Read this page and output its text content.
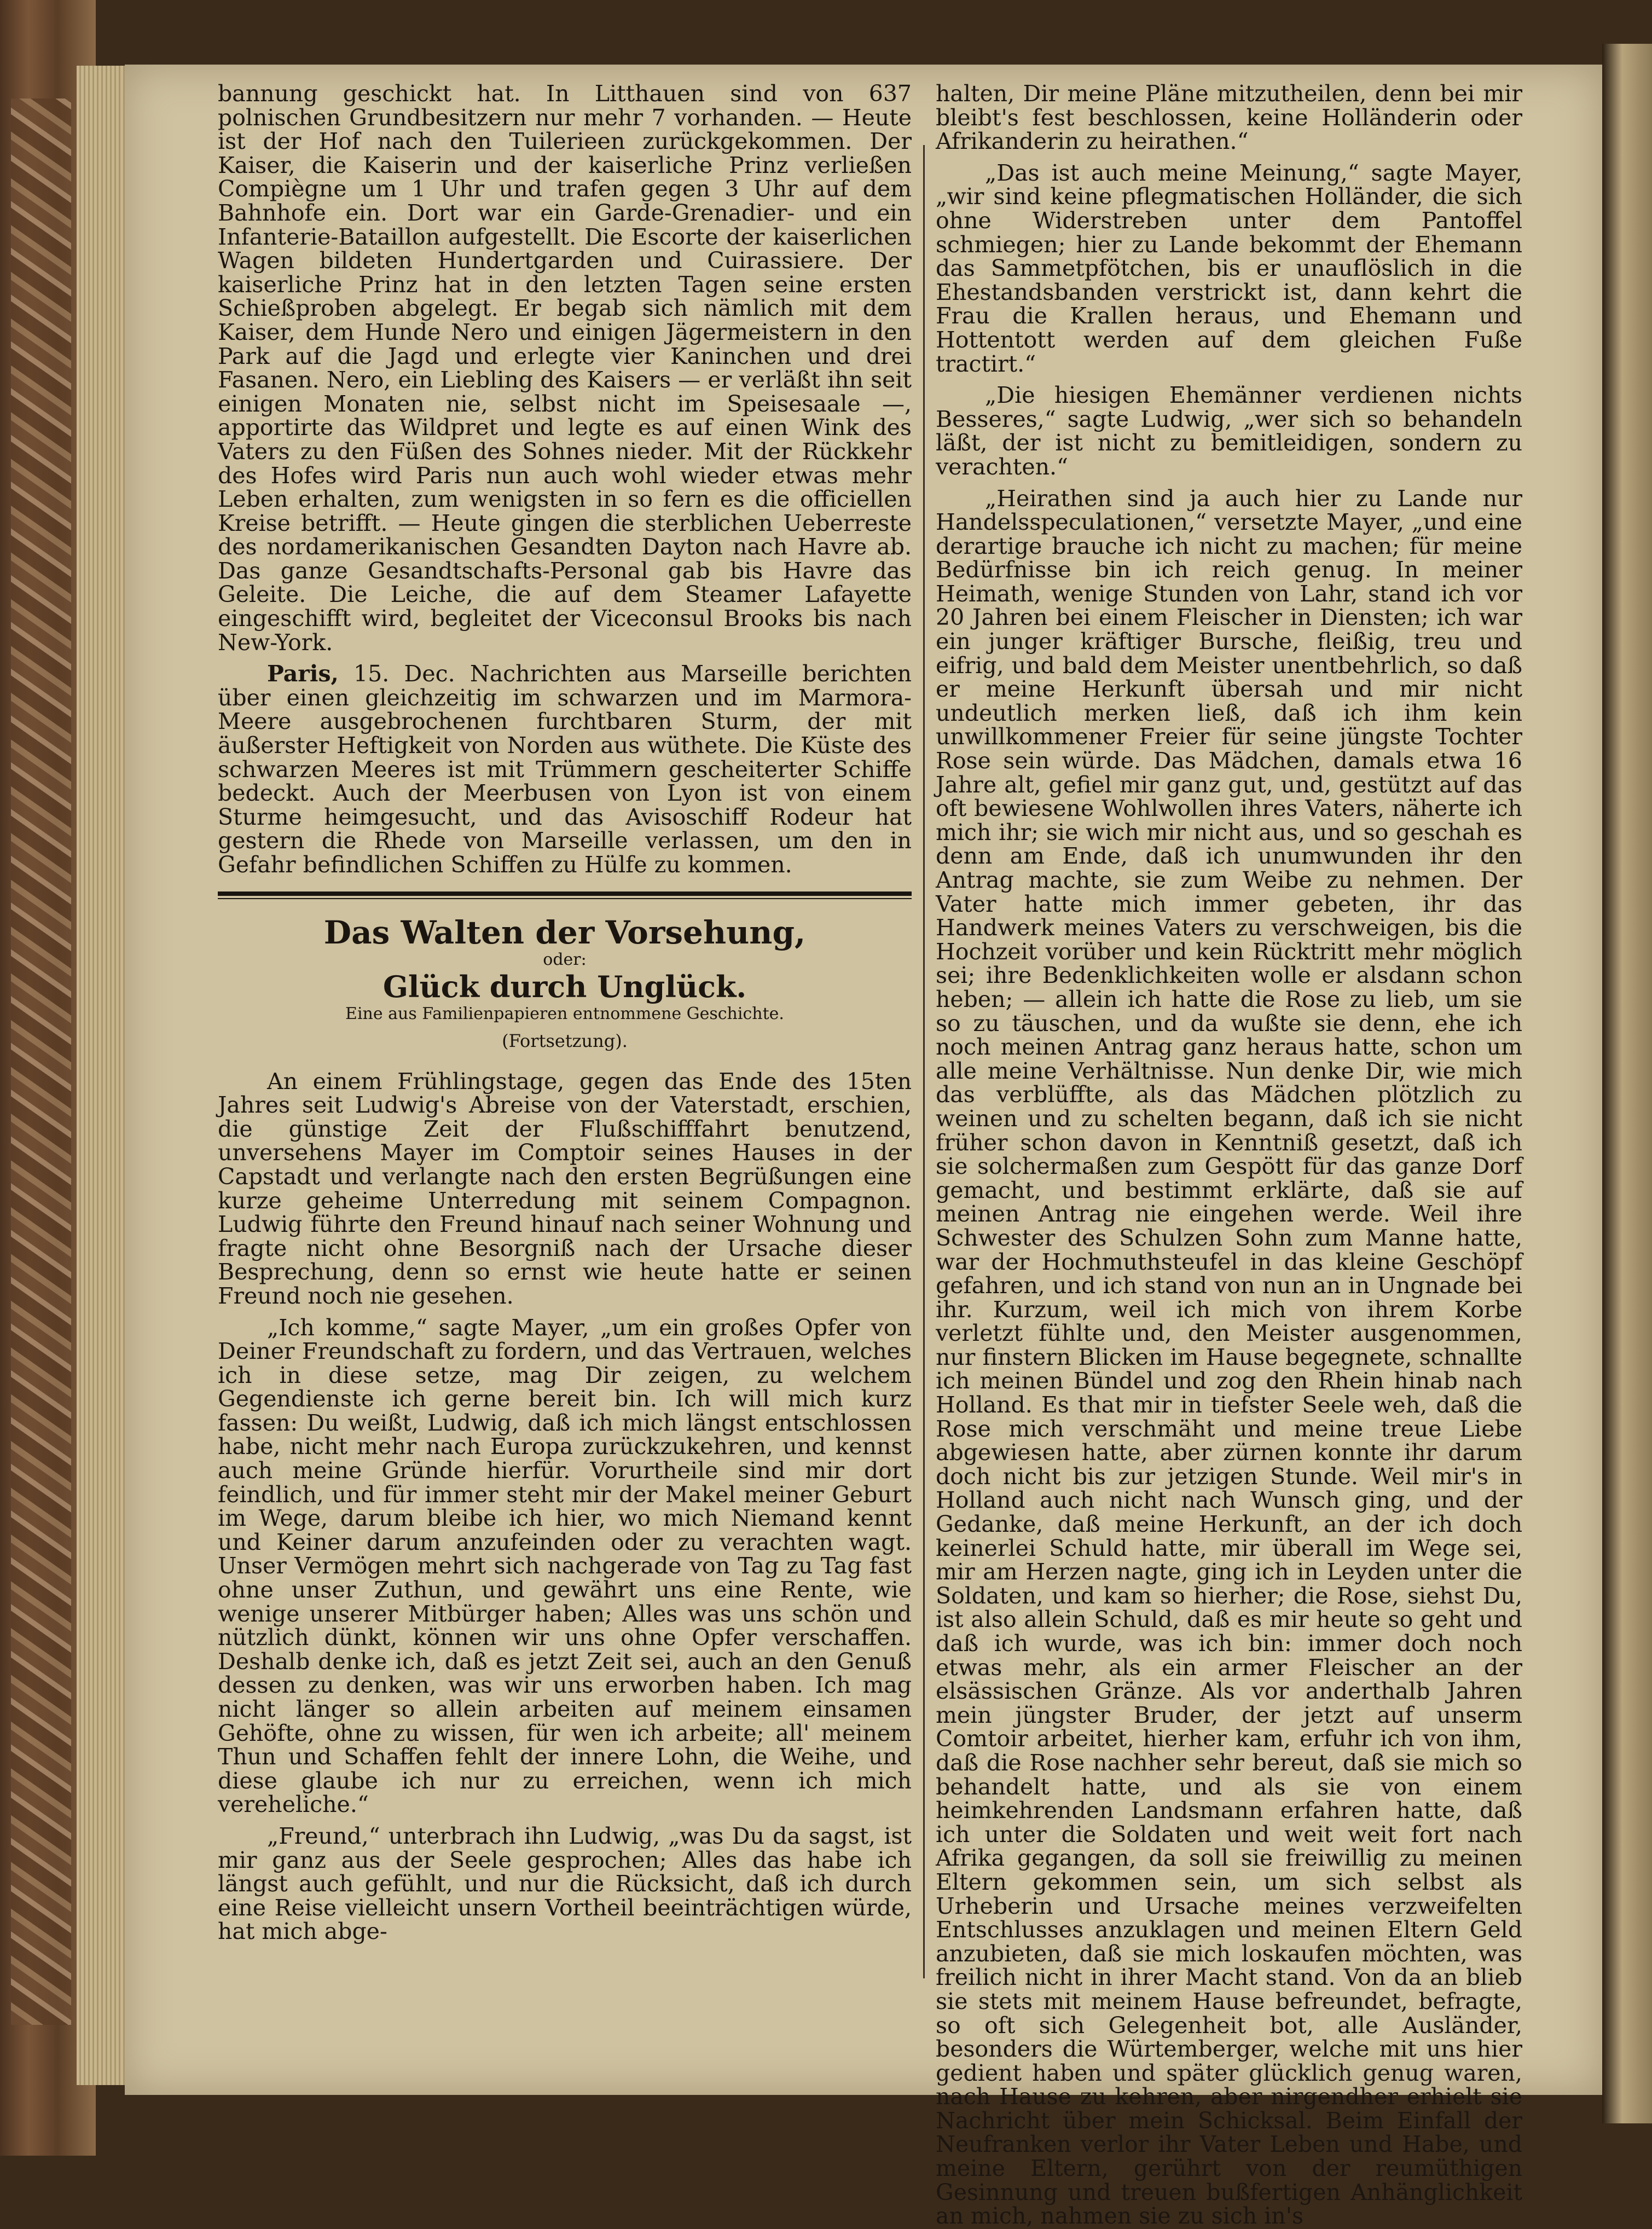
bannung geschickt hat. In Litthauen sind von 637 polnischen Grundbesitzern nur mehr 7 vorhanden. — Heute ist der Hof nach den Tuilerieen zurückgekommen. Der Kaiser, die Kaiserin und der kaiserliche Prinz verließen Compiègne um 1 Uhr und trafen gegen 3 Uhr auf dem Bahnhofe ein. Dort war ein Garde-Grenadier- und ein Infanterie-Bataillon aufgestellt. Die Escorte der kaiserlichen Wagen bildeten Hundertgarden und Cuirassiere. Der kaiserliche Prinz hat in den letzten Tagen seine ersten Schießproben abgelegt. Er begab sich nämlich mit dem Kaiser, dem Hunde Nero und einigen Jägermeistern in den Park auf die Jagd und erlegte vier Kaninchen und drei Fasanen. Nero, ein Liebling des Kaisers — er verläßt ihn seit einigen Monaten nie, selbst nicht im Speisesaale —, apportirte das Wildpret und legte es auf einen Wink des Vaters zu den Füßen des Sohnes nieder. Mit der Rückkehr des Hofes wird Paris nun auch wohl wieder etwas mehr Leben erhalten, zum wenigsten in so fern es die officiellen Kreise betrifft. — Heute gingen die sterblichen Ueberreste des nordamerikanischen Gesandten Dayton nach Havre ab. Das ganze Gesandtschafts-Personal gab bis Havre das Geleite. Die Leiche, die auf dem Steamer Lafayette eingeschifft wird, begleitet der Viceconsul Brooks bis nach New-York.

Paris, 15. Dec. Nachrichten aus Marseille berichten über einen gleichzeitig im schwarzen und im Marmora-Meere ausgebrochenen furchtbaren Sturm, der mit äußerster Heftigkeit von Norden aus wüthete. Die Küste des schwarzen Meeres ist mit Trümmern gescheiterter Schiffe bedeckt. Auch der Meerbusen von Lyon ist von einem Sturme heimgesucht, und das Avisoschiff Rodeur hat gestern die Rhede von Marseille verlassen, um den in Gefahr befindlichen Schiffen zu Hülfe zu kommen.

Das Walten der Vorsehung,
oder:
Glück durch Unglück.
Eine aus Familienpapieren entnommene Geschichte.
(Fortsetzung).

An einem Frühlingstage, gegen das Ende des 15ten Jahres seit Ludwig's Abreise von der Vaterstadt, erschien, die günstige Zeit der Flußschifffahrt benutzend, unversehens Mayer im Comptoir seines Hauses in der Capstadt und verlangte nach den ersten Begrüßungen eine kurze geheime Unterredung mit seinem Compagnon. Ludwig führte den Freund hinauf nach seiner Wohnung und fragte nicht ohne Besorgniß nach der Ursache dieser Besprechung, denn so ernst wie heute hatte er seinen Freund noch nie gesehen.

„Ich komme,“ sagte Mayer, „um ein großes Opfer von Deiner Freundschaft zu fordern, und das Vertrauen, welches ich in diese setze, mag Dir zeigen, zu welchem Gegendienste ich gerne bereit bin. Ich will mich kurz fassen: Du weißt, Ludwig, daß ich mich längst entschlossen habe, nicht mehr nach Europa zurückzukehren, und kennst auch meine Gründe hierfür. Vorurtheile sind mir dort feindlich, und für immer steht mir der Makel meiner Geburt im Wege, darum bleibe ich hier, wo mich Niemand kennt und Keiner darum anzufeinden oder zu verachten wagt. Unser Vermögen mehrt sich nachgerade von Tag zu Tag fast ohne unser Zuthun, und gewährt uns eine Rente, wie wenige unserer Mitbürger haben; Alles was uns schön und nützlich dünkt, können wir uns ohne Opfer verschaffen. Deshalb denke ich, daß es jetzt Zeit sei, auch an den Genuß dessen zu denken, was wir uns erworben haben. Ich mag nicht länger so allein arbeiten auf meinem einsamen Gehöfte, ohne zu wissen, für wen ich arbeite; all' meinem Thun und Schaffen fehlt der innere Lohn, die Weihe, und diese glaube ich nur zu erreichen, wenn ich mich vereheliche.“

„Freund,“ unterbrach ihn Ludwig, „was Du da sagst, ist mir ganz aus der Seele gesprochen; Alles das habe ich längst auch gefühlt, und nur die Rücksicht, daß ich durch eine Reise vielleicht unsern Vortheil beeinträchtigen würde, hat mich abge-

halten, Dir meine Pläne mitzutheilen, denn bei mir bleibt's fest beschlossen, keine Holländerin oder Afrikanderin zu heirathen.“

„Das ist auch meine Meinung,“ sagte Mayer, „wir sind keine pflegmatischen Holländer, die sich ohne Widerstreben unter dem Pantoffel schmiegen; hier zu Lande bekommt der Ehemann das Sammetpfötchen, bis er unauflöslich in die Ehestandsbanden verstrickt ist, dann kehrt die Frau die Krallen heraus, und Ehemann und Hottentott werden auf dem gleichen Fuße tractirt.“

„Die hiesigen Ehemänner verdienen nichts Besseres,“ sagte Ludwig, „wer sich so behandeln läßt, der ist nicht zu bemitleidigen, sondern zu verachten.“

„Heirathen sind ja auch hier zu Lande nur Handelsspeculationen,“ versetzte Mayer, „und eine derartige brauche ich nicht zu machen; für meine Bedürfnisse bin ich reich genug. In meiner Heimath, wenige Stunden von Lahr, stand ich vor 20 Jahren bei einem Fleischer in Diensten; ich war ein junger kräftiger Bursche, fleißig, treu und eifrig, und bald dem Meister unentbehrlich, so daß er meine Herkunft übersah und mir nicht undeutlich merken ließ, daß ich ihm kein unwillkommener Freier für seine jüngste Tochter Rose sein würde. Das Mädchen, damals etwa 16 Jahre alt, gefiel mir ganz gut, und, gestützt auf das oft bewiesene Wohlwollen ihres Vaters, näherte ich mich ihr; sie wich mir nicht aus, und so geschah es denn am Ende, daß ich unumwunden ihr den Antrag machte, sie zum Weibe zu nehmen. Der Vater hatte mich immer gebeten, ihr das Handwerk meines Vaters zu verschweigen, bis die Hochzeit vorüber und kein Rücktritt mehr möglich sei; ihre Bedenklichkeiten wolle er alsdann schon heben; — allein ich hatte die Rose zu lieb, um sie so zu täuschen, und da wußte sie denn, ehe ich noch meinen Antrag ganz heraus hatte, schon um alle meine Verhältnisse. Nun denke Dir, wie mich das verblüffte, als das Mädchen plötzlich zu weinen und zu schelten begann, daß ich sie nicht früher schon davon in Kenntniß gesetzt, daß ich sie solchermaßen zum Gespött für das ganze Dorf gemacht, und bestimmt erklärte, daß sie auf meinen Antrag nie eingehen werde. Weil ihre Schwester des Schulzen Sohn zum Manne hatte, war der Hochmuthsteufel in das kleine Geschöpf gefahren, und ich stand von nun an in Ungnade bei ihr. Kurzum, weil ich mich von ihrem Korbe verletzt fühlte und, den Meister ausgenommen, nur finstern Blicken im Hause begegnete, schnallte ich meinen Bündel und zog den Rhein hinab nach Holland. Es that mir in tiefster Seele weh, daß die Rose mich verschmäht und meine treue Liebe abgewiesen hatte, aber zürnen konnte ihr darum doch nicht bis zur jetzigen Stunde. Weil mir's in Holland auch nicht nach Wunsch ging, und der Gedanke, daß meine Herkunft, an der ich doch keinerlei Schuld hatte, mir überall im Wege sei, mir am Herzen nagte, ging ich in Leyden unter die Soldaten, und kam so hierher; die Rose, siehst Du, ist also allein Schuld, daß es mir heute so geht und daß ich wurde, was ich bin: immer doch noch etwas mehr, als ein armer Fleischer an der elsässischen Gränze. Als vor anderthalb Jahren mein jüngster Bruder, der jetzt auf unserm Comtoir arbeitet, hierher kam, erfuhr ich von ihm, daß die Rose nachher sehr bereut, daß sie mich so behandelt hatte, und als sie von einem heimkehrenden Landsmann erfahren hatte, daß ich unter die Soldaten und weit weit fort nach Afrika gegangen, da soll sie freiwillig zu meinen Eltern gekommen sein, um sich selbst als Urheberin und Ursache meines verzweifelten Entschlusses anzuklagen und meinen Eltern Geld anzubieten, daß sie mich loskaufen möchten, was freilich nicht in ihrer Macht stand. Von da an blieb sie stets mit meinem Hause befreundet, befragte, so oft sich Gelegenheit bot, alle Ausländer, besonders die Würtemberger, welche mit uns hier gedient haben und später glücklich genug waren, nach Hause zu kehren, aber nirgendher erhielt sie Nachricht über mein Schicksal. Beim Einfall der Neufranken verlor ihr Vater Leben und Habe, und meine Eltern, gerührt von der reumüthigen Gesinnung und treuen bußfertigen Anhänglichkeit an mich, nahmen sie zu sich in's
